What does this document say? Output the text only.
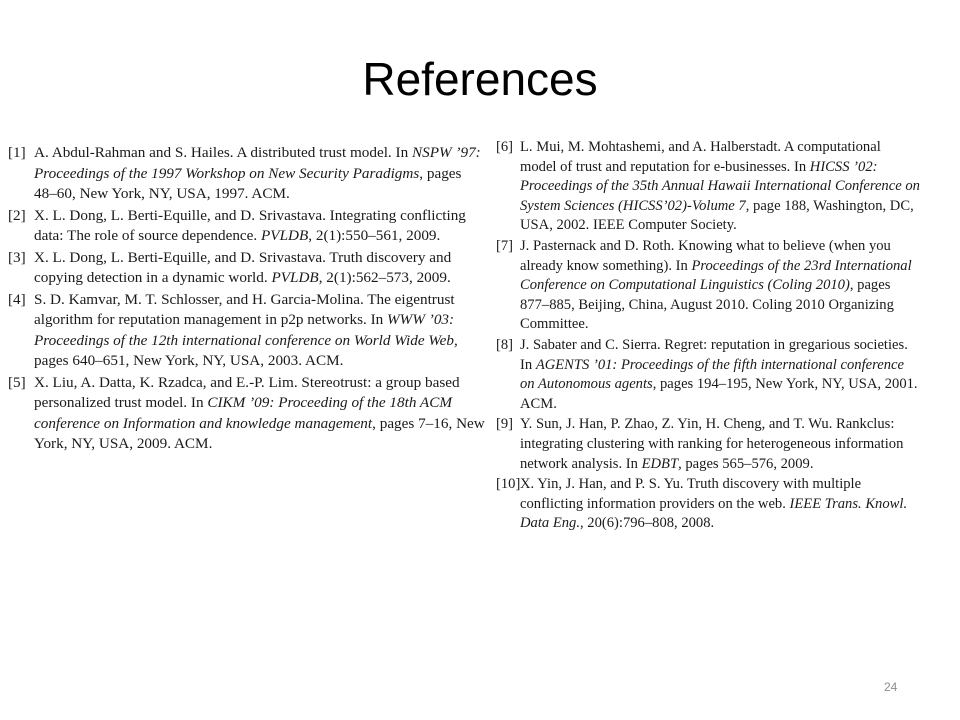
References
[1] A. Abdul-Rahman and S. Hailes. A distributed trust model. In NSPW ’97: Proceedings of the 1997 Workshop on New Security Paradigms, pages 48–60, New York, NY, USA, 1997. ACM.
[2] X. L. Dong, L. Berti-Equille, and D. Srivastava. Integrating conflicting data: The role of source dependence. PVLDB, 2(1):550–561, 2009.
[3] X. L. Dong, L. Berti-Equille, and D. Srivastava. Truth discovery and copying detection in a dynamic world. PVLDB, 2(1):562–573, 2009.
[4] S. D. Kamvar, M. T. Schlosser, and H. Garcia-Molina. The eigentrust algorithm for reputation management in p2p networks. In WWW ’03: Proceedings of the 12th international conference on World Wide Web, pages 640–651, New York, NY, USA, 2003. ACM.
[5] X. Liu, A. Datta, K. Rzadca, and E.-P. Lim. Stereotrust: a group based personalized trust model. In CIKM ’09: Proceeding of the 18th ACM conference on Information and knowledge management, pages 7–16, New York, NY, USA, 2009. ACM.
[6] L. Mui, M. Mohtashemi, and A. Halberstadt. A computational model of trust and reputation for e-businesses. In HICSS ’02: Proceedings of the 35th Annual Hawaii International Conference on System Sciences (HICSS’02)-Volume 7, page 188, Washington, DC, USA, 2002. IEEE Computer Society.
[7] J. Pasternack and D. Roth. Knowing what to believe (when you already know something). In Proceedings of the 23rd International Conference on Computational Linguistics (Coling 2010), pages 877–885, Beijing, China, August 2010. Coling 2010 Organizing Committee.
[8] J. Sabater and C. Sierra. Regret: reputation in gregarious societies. In AGENTS ’01: Proceedings of the fifth international conference on Autonomous agents, pages 194–195, New York, NY, USA, 2001. ACM.
[9] Y. Sun, J. Han, P. Zhao, Z. Yin, H. Cheng, and T. Wu. Rankclus: integrating clustering with ranking for heterogeneous information network analysis. In EDBT, pages 565–576, 2009.
[10] X. Yin, J. Han, and P. S. Yu. Truth discovery with multiple conflicting information providers on the web. IEEE Trans. Knowl. Data Eng., 20(6):796–808, 2008.
24
